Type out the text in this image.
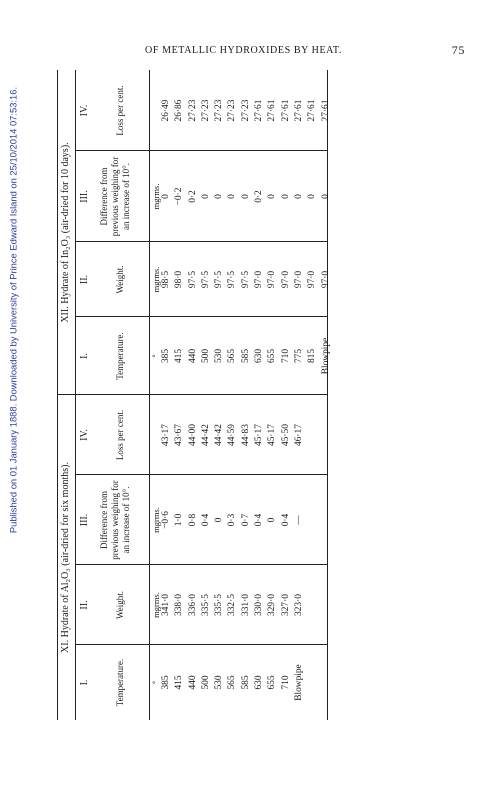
Published on 01 January 1888. Downloaded by University of Prince Edward Island on 25/10/2014 07:53:16.
OF METALLIC HYDROXIDES BY HEAT.	75
XI. Hydrate of Al₂O₃ (air-dried for six months).
I.
II.
III.
IV.
Temperature.
Weight.
Difference from previous weighing for an increase of 10°.
Loss per cent.
° 385 415 440 500 530 565 585 630 655 710 Blowpipe
mgrms. 341·0 338·0 336·0 335·5 335·5 332·5 331·0 330·0 329·0 327·0 323·0
mgrms. −0·6 1·0 0·8 0·4 0 0·3 0·7 0·4 0 0·4 —
43·17 43·67 44·00 44·42 44·42 44·59 44·83 45·17 45·17 45·50 46·17
XII. Hydrate of In₂O₃ (air-dried for 10 days).
I.
II.
III.
IV.
Temperature.
Weight.
Difference from previous weighing for an increase of 10°.
Loss per cent.
° 385 415 440 500 530 565 585 630 655 710 775 815 Blowpipe
mgrms. 98·5 98·0 97·5 97·5 97·5 97·5 97·5 97·0 97·0 97·0 97·0 97·0 97·0
mgrms. 0 −0·2 0·2 0 0 0 0 0·2 0 0 0 0 0
26·49 26·86 27·23 27·23 27·23 27·23 27·23 27·61 27·61 27·61 27·61 27·61 27·61
